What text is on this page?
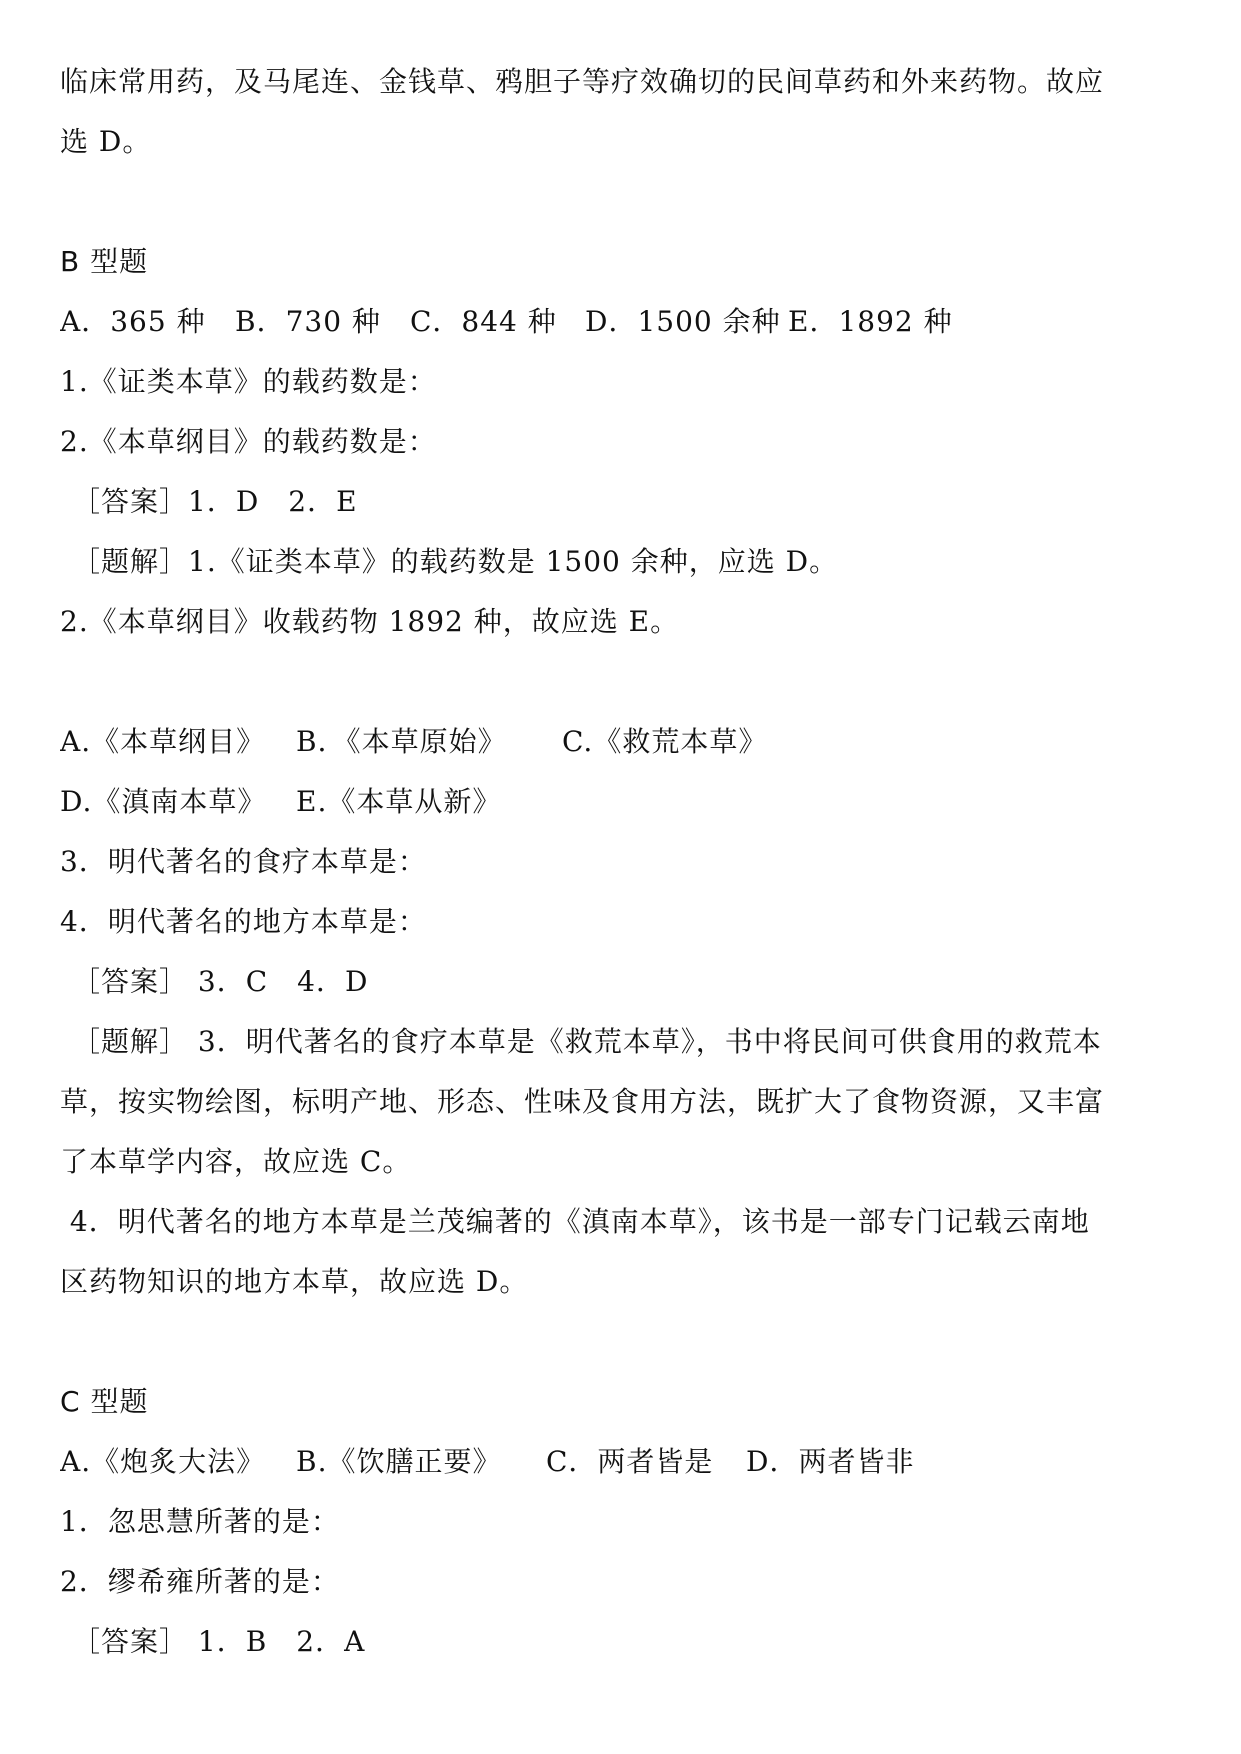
临床常用药，及马尾连、金钱草、鸦胆子等疗效确切的民间草药和外来药物。故应
选 D。
B 型题
A．365 种 B．730 种 C．844 种 D．1500 余种 E．1892 种
1.《证类本草》的载药数是：
2.《本草纲目》的载药数是：
［答案］1．D　2．E
［题解］1.《证类本草》的载药数是 1500 余种，应选 D。
2.《本草纲目》收载药物 1892 种，故应选 E。
A.《本草纲目》 B．《本草原始》 C.《救荒本草》
D.《滇南本草》 E.《本草从新》
3．明代著名的食疗本草是：
4．明代著名的地方本草是：
［答案］ 3．C　4．D
［题解］ 3．明代著名的食疗本草是《救荒本草》，书中将民间可供食用的救荒本
草，按实物绘图，标明产地、形态、性味及食用方法，既扩大了食物资源，又丰富
了本草学内容，故应选 C。
4．明代著名的地方本草是兰茂编著的《滇南本草》，该书是一部专门记载云南地
区药物知识的地方本草，故应选 D。
C 型题
A.《炮炙大法》 B.《饮膳正要》 C．两者皆是 D．两者皆非
1．忽思慧所著的是：
2．缪希雍所著的是：
［答案］ 1．B　2．A
